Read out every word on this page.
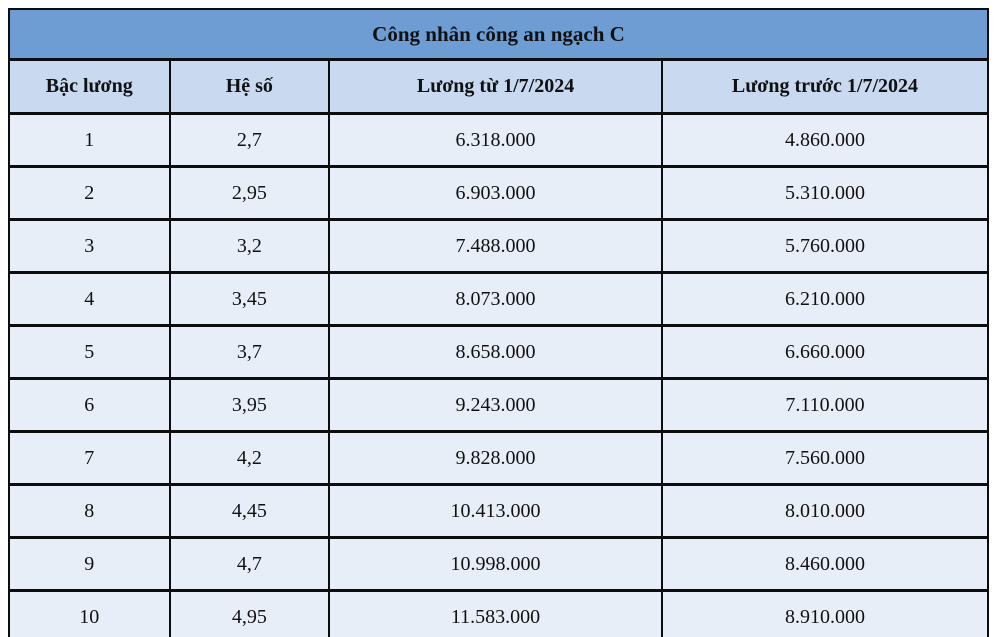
Công nhân công an ngạch C			
Bậc lương	Hệ số	Lương từ 1/7/2024	Lương trước 1/7/2024
1	2,7	6.318.000	4.860.000
2	2,95	6.903.000	5.310.000
3	3,2	7.488.000	5.760.000
4	3,45	8.073.000	6.210.000
5	3,7	8.658.000	6.660.000
6	3,95	9.243.000	7.110.000
7	4,2	9.828.000	7.560.000
8	4,45	10.413.000	8.010.000
9	4,7	10.998.000	8.460.000
10	4,95	11.583.000	8.910.000
